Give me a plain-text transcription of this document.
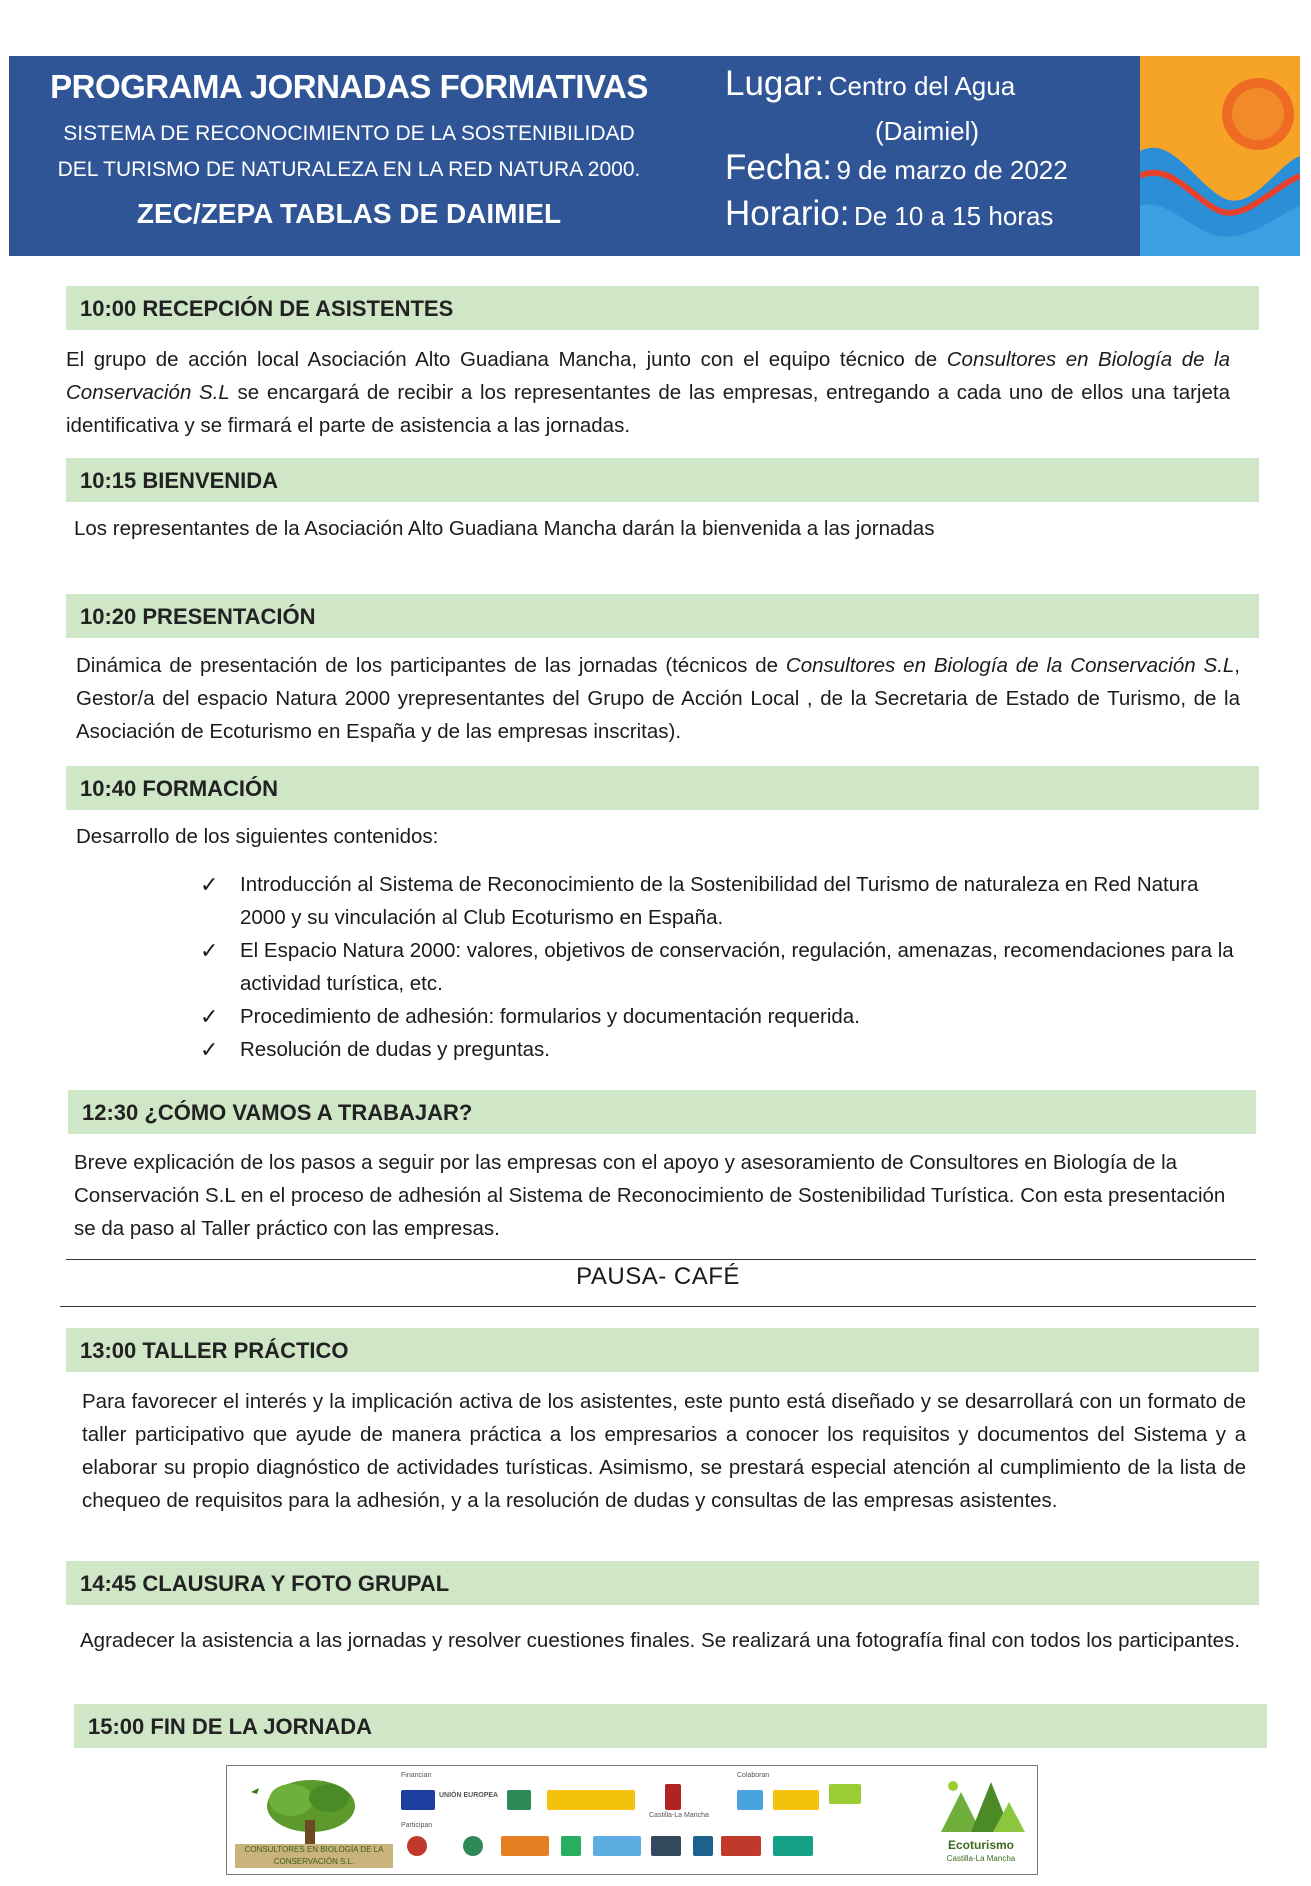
PROGRAMA JORNADAS FORMATIVAS
SISTEMA DE RECONOCIMIENTO DE LA SOSTENIBILIDAD
DEL TURISMO DE NATURALEZA EN LA RED NATURA 2000.
ZEC/ZEPA TABLAS DE DAIMIEL
Lugar: Centro del Agua
(Daimiel)
Fecha: 9 de marzo de 2022
Horario: De 10 a 15 horas
10:00 RECEPCIÓN DE ASISTENTES
El grupo de acción local Asociación Alto Guadiana Mancha, junto con el equipo técnico de Consultores en Biología de la Conservación S.L se encargará de recibir a los representantes de las empresas, entregando a cada uno de ellos una tarjeta identificativa y se firmará el parte de asistencia a las jornadas.
10:15 BIENVENIDA
Los representantes de la Asociación Alto Guadiana Mancha darán la bienvenida a las jornadas
10:20 PRESENTACIÓN
Dinámica de presentación de los participantes de las jornadas (técnicos de Consultores en Biología de la Conservación S.L, Gestor/a del espacio Natura 2000 yrepresentantes del Grupo de Acción Local , de la Secretaria de Estado de Turismo, de la Asociación de Ecoturismo en España y de las empresas inscritas).
10:40 FORMACIÓN
Desarrollo de los siguientes contenidos:
✓ Introducción al Sistema de Reconocimiento de la Sostenibilidad del Turismo de naturaleza en Red Natura 2000 y su vinculación al Club Ecoturismo en España.
✓ El Espacio Natura 2000: valores, objetivos de conservación, regulación, amenazas, recomendaciones para la actividad turística, etc.
✓ Procedimiento de adhesión: formularios y documentación requerida.
✓ Resolución de dudas y preguntas.
12:30 ¿CÓMO VAMOS A TRABAJAR?
Breve explicación de los pasos a seguir por las empresas con el apoyo y asesoramiento de Consultores en Biología de la Conservación S.L en el proceso de adhesión al Sistema de Reconocimiento de Sostenibilidad Turística. Con esta presentación se da paso al Taller práctico con las empresas.
PAUSA- CAFÉ
13:00 TALLER PRÁCTICO
Para favorecer el interés y la implicación activa de los asistentes, este punto está diseñado y se desarrollará con un formato de taller participativo que ayude de manera práctica a los empresarios a conocer los requisitos y documentos del Sistema y a elaborar su propio diagnóstico de actividades turísticas. Asimismo, se prestará especial atención al cumplimiento de la lista de chequeo de requisitos para la adhesión, y a la resolución de dudas y consultas de las empresas asistentes.
14:45 CLAUSURA Y FOTO GRUPAL
Agradecer la asistencia a las jornadas y resolver cuestiones finales. Se realizará una fotografía final con todos los participantes.
15:00 FIN DE LA JORNADA
CONSULTORES EN BIOLOGÍA DE LA CONSERVACIÓN S.L.
Financian	Colaboran
UNIÓN EUROPEA
Castilla-La Mancha
Participan
Ecoturismo
Castilla-La Mancha
